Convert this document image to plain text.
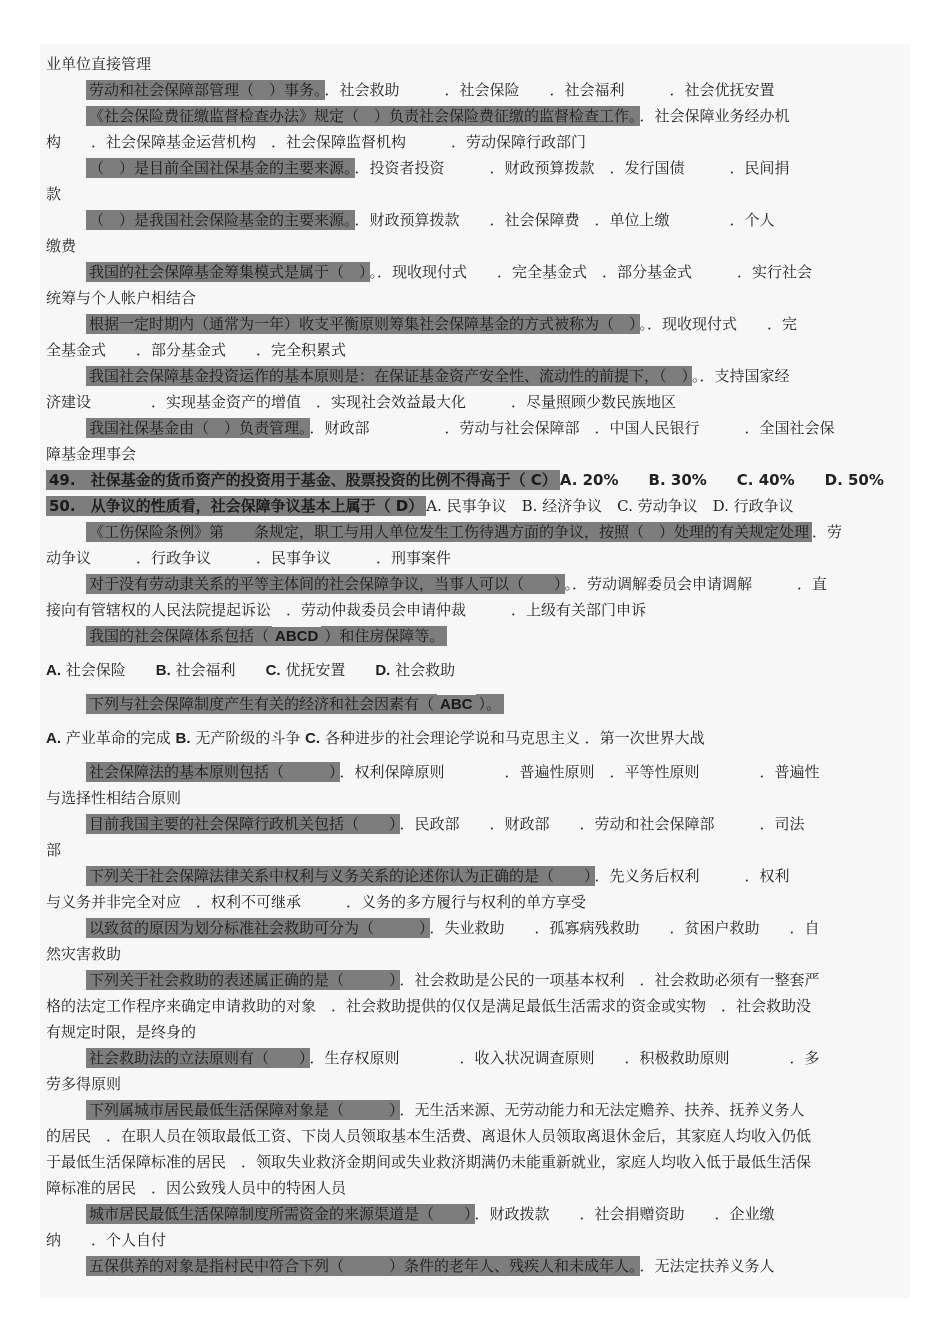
业单位直接管理
劳动和社会保障部管理（　）事务。 ．社会救助　　　．社会保险　　．社会福利　　　．社会优抚安置
《社会保险费征缴监督检查办法》规定（　）负责社会保险费征缴的监督检查工作。 ．社会保障业务经办机
构　　．社会保障基金运营机构　．社会保障监督机构　　　．劳动保障行政部门
（　）是目前全国社保基金的主要来源。 ．投资者投资　　　．财政预算拨款　．发行国债　　　．民间捐
款
（　）是我国社会保险基金的主要来源。 ．财政预算拨款　　．社会保障费　．单位上缴　　　　．个人
缴费
我国的社会保障基金筹集模式是属于（　） 。．现收现付式　　．完全基金式　．部分基金式　　　．实行社会
统筹与个人帐户相结合
根据一定时期内（通常为一年）收支平衡原则筹集社会保障基金的方式被称为（　） 。．现收现付式　　．完
全基金式　　．部分基金式　　．完全积累式
我国社会保障基金投资运作的基本原则是：在保证基金资产安全性、流动性的前提下，（　） 。．支持国家经
济建设　　　　．实现基金资产的增值　．实现社会效益最大化　　　．尽量照顾少数民族地区
我国社保基金由（　）负责管理。 ．财政部　　　　　．劳动与社会保障部　．中国人民银行　　　．全国社会保
障基金理事会
49.　社保基金的货币资产的投资用于基金、股票投资的比例不得高于（ C） A. 20%　　B. 30%　　C. 40%　　D. 50%
50.　从争议的性质看，社会保障争议基本上属于（ D） A. 民事争议　B. 经济争议　C. 劳动争议　D. 行政争议
《工伤保险条例》第　　条规定，职工与用人单位发生工伤待遇方面的争议，按照（　）处理的有关规定处理 ．劳
动争议　　　．行政争议　　　．民事争议　　　．刑事案件
对于没有劳动隶关系的平等主体间的社会保障争议，当事人可以（　　） 。．劳动调解委员会申请调解　　　．直
接向有管辖权的人民法院提起诉讼　．劳动仲裁委员会申请仲裁　　　．上级有关部门申诉
我国的社会保障体系包括（ ABCD ）和住房保障等。
A. 社会保险　　B. 社会福利　　C. 优抚安置　　D. 社会救助
下列与社会保障制度产生有关的经济和社会因素有（ ABC ）。
A. 产业革命的完成 B. 无产阶级的斗争 C. 各种进步的社会理论学说和马克思主义 ．第一次世界大战
社会保障法的基本原则包括（　　　） ．权利保障原则　　　　．普遍性原则　．平等性原则　　　　．普遍性
与选择性相结合原则
目前我国主要的社会保障行政机关包括（　　） ．民政部　　．财政部　　．劳动和社会保障部　　　．司法
部
下列关于社会保障法律关系中权利与义务关系的论述你认为正确的是（　　） ．先义务后权利　　　．权利
与义务并非完全对应　．权利不可继承　　　．义务的多方履行与权利的单方享受
以致贫的原因为划分标准社会救助可分为（　　　） ．失业救助　　．孤寡病残救助　　．贫困户救助　　．自
然灾害救助
下列关于社会救助的表述属正确的是（　　　） ．社会救助是公民的一项基本权利　．社会救助必须有一整套严
格的法定工作程序来确定申请救助的对象　．社会救助提供的仅仅是满足最低生活需求的资金或实物　．社会救助没
有规定时限，是终身的
社会救助法的立法原则有（　　） ．生存权原则　　　　．收入状况调查原则　　．积极救助原则　　　　．多
劳多得原则
下列属城市居民最低生活保障对象是（　　　） ．无生活来源、无劳动能力和无法定赡养、扶养、抚养义务人
的居民　．在职人员在领取最低工资、下岗人员领取基本生活费、离退休人员领取离退休金后，其家庭人均收入仍低
于最低生活保障标准的居民　．领取失业救济金期间或失业救济期满仍未能重新就业，家庭人均收入低于最低生活保
障标准的居民　．因公致残人员中的特困人员
城市居民最低生活保障制度所需资金的来源渠道是（　　） ．财政拨款　　．社会捐赠资助　　．企业缴
纳　　．个人自付
五保供养的对象是指村民中符合下列（　　　）条件的老年人、残疾人和未成年人。 ．无法定扶养义务人
